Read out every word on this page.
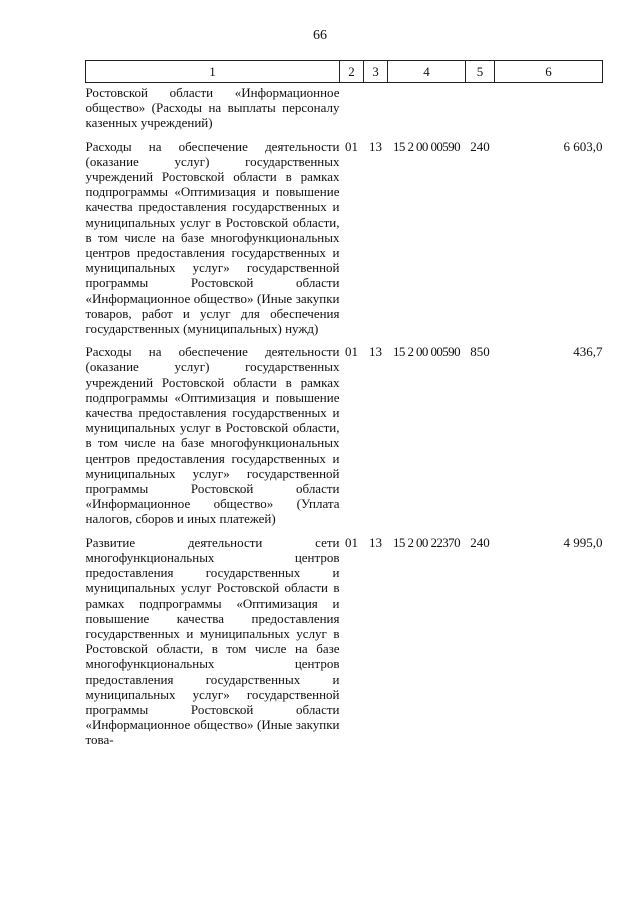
66
1	2	3	4	5	6
Ростовской области «Информационное общество» (Расходы на выплаты персоналу казенных учреждений)					
Расходы на обеспечение деятельности (оказание услуг) государственных учреждений Ростовской области в рамках подпрограммы «Оптимизация и повышение качества предоставления государственных и муниципальных услуг в Ростовской области, в том числе на базе многофункциональных центров предоставления государственных и муниципальных услуг» государственной программы Ростовской области «Информационное общество» (Иные закупки товаров, работ и услуг для обеспечения государственных (муниципальных) нужд)	01	13	15 2 00 00590	240	6 603,0
Расходы на обеспечение деятельности (оказание услуг) государственных учреждений Ростовской области в рамках подпрограммы «Оптимизация и повышение качества предоставления государственных и муниципальных услуг в Ростовской области, в том числе на базе многофункциональных центров предоставления государственных и муниципальных услуг» государственной программы Ростовской области «Информационное общество» (Уплата налогов, сборов и иных платежей)	01	13	15 2 00 00590	850	436,7
Развитие деятельности сети многофункциональных центров предоставления государственных и муниципальных услуг Ростовской области в рамках подпрограммы «Оптимизация и повышение качества предоставления государственных и муниципальных услуг в Ростовской области, в том числе на базе многофункциональных центров предоставления государственных и муниципальных услуг» государственной программы Ростовской области «Информационное общество» (Иные закупки това-	01	13	15 2 00 22370	240	4 995,0
